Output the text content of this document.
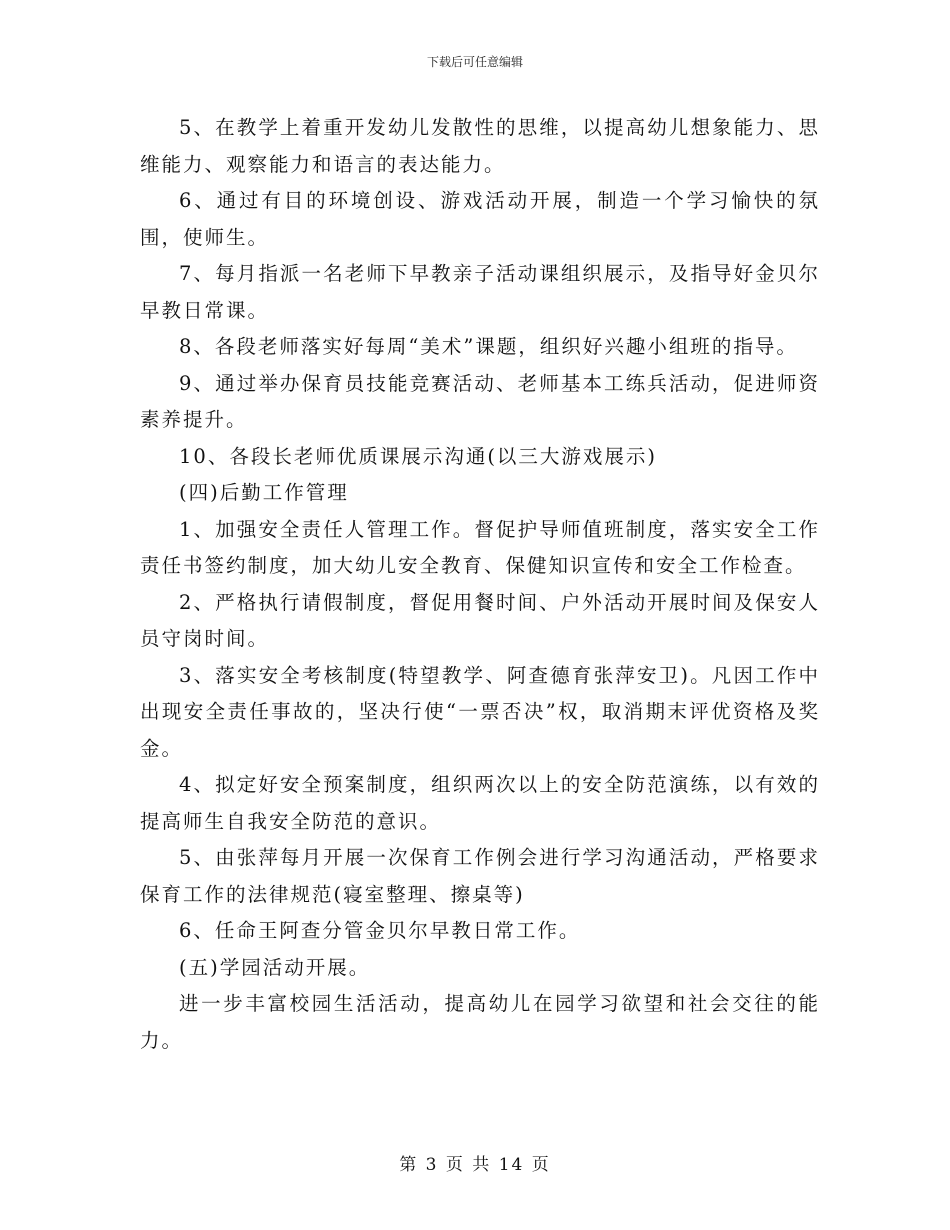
下载后可任意编辑

5、在教学上着重开发幼儿发散性的思维，以提高幼儿想象能力、思维能力、观察能力和语言的表达能力。

6、通过有目的环境创设、游戏活动开展，制造一个学习愉快的氛围，使师生。

7、每月指派一名老师下早教亲子活动课组织展示，及指导好金贝尔早教日常课。

8、各段老师落实好每周“美术”课题，组织好兴趣小组班的指导。

9、通过举办保育员技能竞赛活动、老师基本工练兵活动，促进师资素养提升。

10、各段长老师优质课展示沟通(以三大游戏展示)

(四)后勤工作管理

1、加强安全责任人管理工作。督促护导师值班制度，落实安全工作责任书签约制度，加大幼儿安全教育、保健知识宣传和安全工作检查。

2、严格执行请假制度，督促用餐时间、户外活动开展时间及保安人员守岗时间。

3、落实安全考核制度(特望教学、阿查德育张萍安卫)。凡因工作中出现安全责任事故的，坚决行使“一票否决”权，取消期末评优资格及奖金。

4、拟定好安全预案制度，组织两次以上的安全防范演练，以有效的提高师生自我安全防范的意识。

5、由张萍每月开展一次保育工作例会进行学习沟通活动，严格要求保育工作的法律规范(寝室整理、擦桌等)

6、任命王阿查分管金贝尔早教日常工作。

(五)学园活动开展。

进一步丰富校园生活活动，提高幼儿在园学习欲望和社会交往的能力。

第 3 页 共 14 页
